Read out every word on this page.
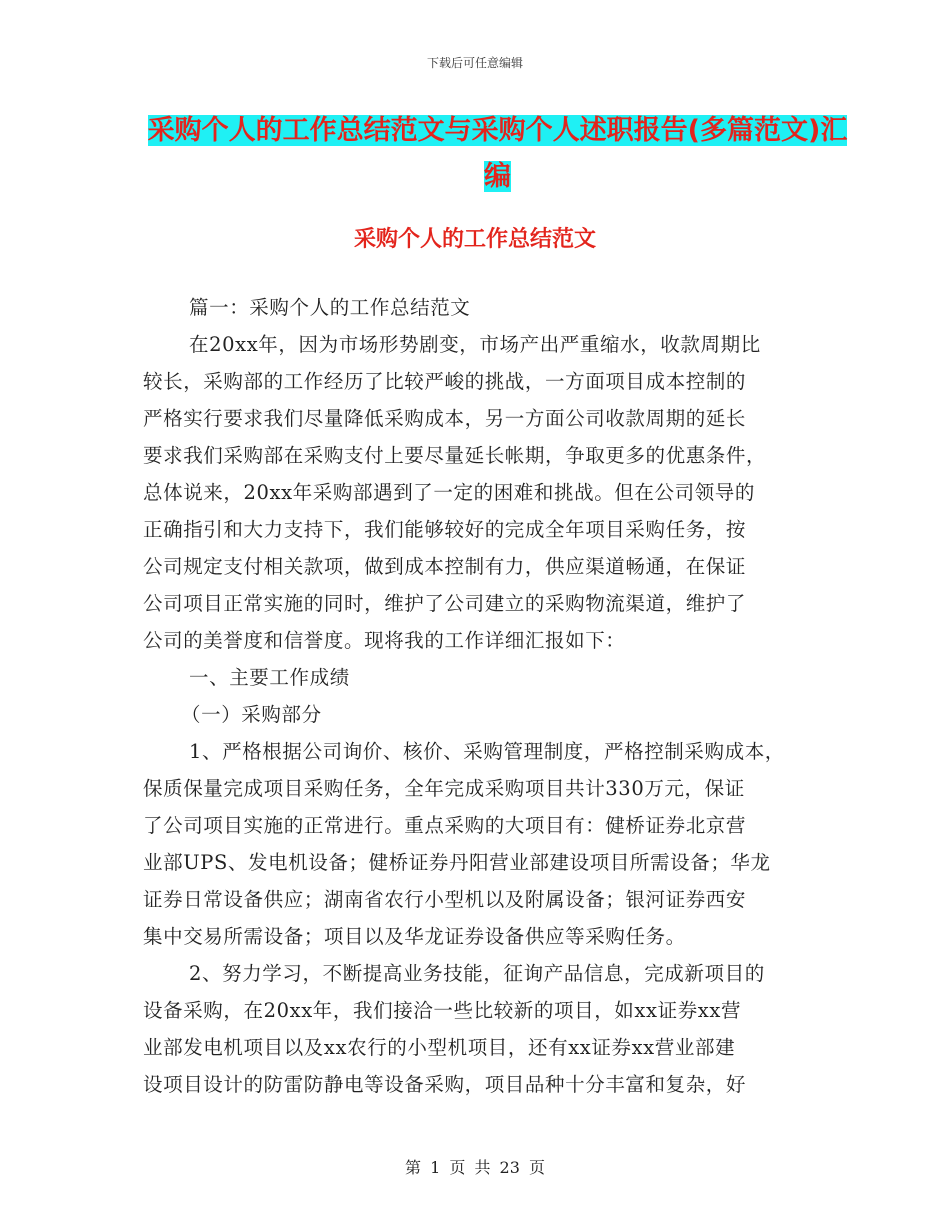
下载后可任意编辑
采购个人的工作总结范文与采购个人述职报告(多篇范文)汇编
采购个人的工作总结范文
篇一：采购个人的工作总结范文
在20xx年，因为市场形势剧变，市场产出严重缩水，收款周期比
较长，采购部的工作经历了比较严峻的挑战，一方面项目成本控制的
严格实行要求我们尽量降低采购成本，另一方面公司收款周期的延长
要求我们采购部在采购支付上要尽量延长帐期，争取更多的优惠条件，
总体说来，20xx年采购部遇到了一定的困难和挑战。但在公司领导的
正确指引和大力支持下，我们能够较好的完成全年项目采购任务，按
公司规定支付相关款项，做到成本控制有力，供应渠道畅通，在保证
公司项目正常实施的同时，维护了公司建立的采购物流渠道，维护了
公司的美誉度和信誉度。现将我的工作详细汇报如下：
一、主要工作成绩
（一）采购部分
1、严格根据公司询价、核价、采购管理制度，严格控制采购成本，
保质保量完成项目采购任务，全年完成采购项目共计330万元，保证
了公司项目实施的正常进行。重点采购的大项目有：健桥证券北京营
业部UPS、发电机设备；健桥证券丹阳营业部建设项目所需设备；华龙
证券日常设备供应；湖南省农行小型机以及附属设备；银河证券西安
集中交易所需设备；项目以及华龙证券设备供应等采购任务。
2、努力学习，不断提高业务技能，征询产品信息，完成新项目的
设备采购，在20xx年，我们接洽一些比较新的项目，如xx证券xx营
业部发电机项目以及xx农行的小型机项目，还有xx证券xx营业部建
设项目设计的防雷防静电等设备采购，项目品种十分丰富和复杂，好
第 1 页 共 23 页
